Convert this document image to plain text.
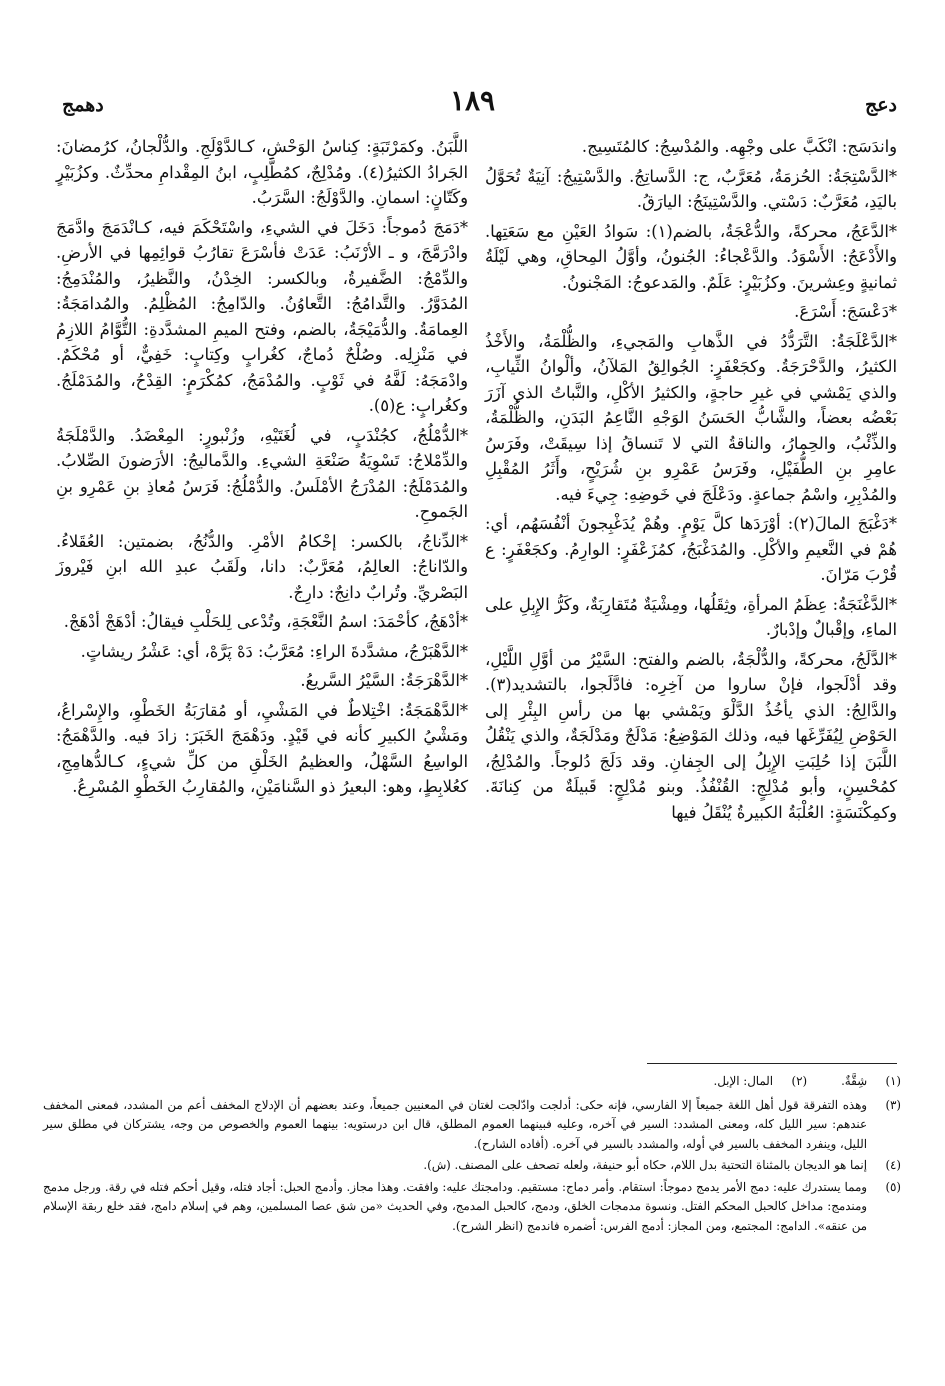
دعج
١٨٩
دهمج

واندَسَج: انْكَبَّ على وجْهِه. والمُدْسِجُ: كالمُتَسِيج.

*الدَّسْتِجَةُ: الحُزمَةُ، مُعَرَّبٌ، ج: الدَّساتِجُ. والدَّسْتِيجُ: آنِيَةٌ تُحَوَّلُ باليَدِ، مُعَرَّبٌ: دَسْتي. والدَّسْتِينَجُ: اليارَقُ.

*الدَّعَجُ، محركةً، والدُّعْجَةُ، بالضم(١): سَوادُ العَيْنِ مع سَعَتِها. والأَدْعَجُ: الأَسْوَدُ. والدَّعْجاءُ: الجُنونُ، وأوَّلُ المِحاقِ، وهي لَيْلَةُ ثمانيةٍ وعِشرينَ. وكزُبَيْرٍ: عَلَمٌ. والمَدعوجُ: المَجْنونُ.

*دَعْسَجَ: أَسْرَعَ.

*الدَّعْلَجَةُ: التَّرَدُّدُ في الذَّهابِ والمَجيءِ، والظُّلْمَةُ، والأَخْذُ الكثيرُ، والدَّحْرَجَةُ. وكجَعْفَرٍ: الجُوالِقُ المَلآنُ، وألْوانُ الثِّيابِ، والذي يَمْشي في غيرِ حاجةٍ، والكثيرُ الأكْلِ، والنَّباتُ الذي آزَرَ بَعْضُه بعضاً، والشَّابُّ الحَسَنُ الوَجْهِ النَّاعِمُ البَدَنِ، والظُّلْمَةُ، والذِّئْبُ، والحِمارُ، والناقةُ التي لا تَنساقُ إذا سِيقَتْ، وفَرَسُ عامِرِ بنِ الطُّفَيْلِ، وفَرَسُ عَمْرِو بنِ شُرَيْحٍ، وأَثَرُ المُقْبِلِ والمُدْبِرِ، واسْمُ جماعةٍ. ودَعْلَجَ في خَوضِهِ: جِيءَ فيه.

*دَغْبَجَ المالَ(٢): أوْرَدَها كلَّ يَوْمٍ. وهُمْ يُدَغْبِجونَ أنْفُسَهُم، أي: هُمْ في النَّعيمِ والأكْلِ. والمُدَغْبَجُ، كمُزَعْفَرٍ: الوارِمُ. وكجَعْفَرٍ: ع قُرْبَ مَرّانَ.

*الدَّغْنَجَةُ: عِظَمُ المرأةِ، وثِقَلُها، ومِشْيَةٌ مُتَقارِبَةٌ، وكَرُّ الإِبِلِ على الماءِ، وإقْبالٌ وإدْبارٌ.

*الدَّلَجُ، محركةً، والدُّلْجَةُ، بالضم والفتح: السَّيْرُ من أوَّلِ اللَّيْلِ، وقد أدْلَجوا، فإنْ ساروا من آخِرِه: فادَّلَجوا، بالتشديد(٣). والدَّالِجُ: الذي يأخُذُ الدَّلْوَ ويَمْشي بها من رأسِ البِئْرِ إلى الحَوْضِ لِيُفَرِّغَها فيه، وذلك المَوْضِعُ: مَدْلَجٌ ومَدْلَجَةٌ، والذي يَنْقُلُ اللَّبَنَ إذا حُلِبَتِ الإِبِلُ إلى الجِفانِ. وقد دَلَجَ دُلوجاً. والمُدْلِجُ، كمُحْسِنٍ، وأبو مُدْلِجٍ: القُنْفُذُ. وبنو مُدْلِجٍ: قَبيلَةٌ من كِنانَةَ. وكمِكْنَسَةٍ: العُلْبَةُ الكبيرةُ يُنْقَلُ فيها

اللَّبَنُ. وكمَرْتَبَةٍ: كِناسُ الوَحْشِ، كـالدَّوْلَجِ. والدُّلْجانُ، كرُمضانَ: الجَرادُ الكثيرُ(٤). ومُدْلِجٌ، كمُطَّلِبٍ، ابنُ المِقْدامِ محدِّثٌ. وكزُبَيْرٍ وكَتّانٍ: اسمانِ. والدَّوْلَجُ: السَّرَبُ.

*دَمَجَ دُموجاً: دَخَلَ في الشيءِ، واسْتَحْكَمَ فيه، كـانْدَمَجَ وادَّمَجَ وادْرَمَّجَ، و ـ الأرْنَبُ: عَدَتْ فأسْرَعَ تقارُبُ قوائِمِها في الأرضِ. والدِّمْجُ: الضَّفيرةُ، وبالكسر: الخِدْنُ، والنَّظيرُ، والمُنْدَمِجُ: المُدَوَّرُ. والتَّدامُجُ: التَّعاوُنُ. والدّامِجُ: المُظْلِمُ. والمُدامَجَةُ: العِمامَةُ. والدُّمَيْجَةُ، بالضم، وفتح الميمِ المشدَّدةِ: التُّوَّامُ اللازِمُ في مَنْزِلِه. وصُلْحٌ دُماجٌ، كغُرابٍ وكِتابٍ: خَفِيٌّ، أو مُحْكَمٌ. وادْمَجَهُ: لَفَّهُ في ثَوْبٍ. والمُدْمَجُ، كمُكْرَمٍ: القِدْحُ، والمُدَمْلَجُ. وكغُرابٍ: ع(٥).

*الدُّمْلُجُ، كجُنْدَبٍ، في لُغَتَيْهِ، وزُنْبورٍ: المِعْضَدُ. والدَّمْلَجَةُ والدِّمْلاجُ: تَسْوِيَةُ صَنْعَةِ الشيءِ. والدَّماليجُ: الأرَضونَ الصِّلابُ. والمُدَمْلَجُ: المُدْرَجُ الأمْلَسُ. والدُّمْلُجُ: فَرَسُ مُعاذِ بنِ عَمْرِو بنِ الجَموحِ.

*الدِّناجُ، بالكسر: إحْكامُ الأمْرِ. والدُّنُجُ، بضمتين: العُقَلاءُ. والدّاناجُ: العالِمُ، مُعَرَّبٌ: دانا، ولَقَبُ عبدِ الله ابنِ فَيْروزَ البَصْريِّ. وتُرابٌ دانِجٌ: دارِجٌ.

*أدْهَجُ، كأحْمَدَ: اسمُ النَّعْجَةِ، وتُدْعى لِلحَلْبِ فيقالُ: أدْهَجْ أدْهَجْ.

*الدَّهْبَرْجُ، مشدَّدةَ الراءِ: مُعَرَّبُ: دَهْ پَرَّهْ، أي: عَشْرُ ريشاتٍ.

*الدَّهْرَجَةُ: السَّيْرُ السَّريعُ.

*الدَّهْمَجَةُ: اخْتِلاطٌ في المَشْيِ، أو مُقارَبَةُ الخَطْوِ، والإِسْراعُ، ومَشْيُ الكبيرِ كأنه في قَيْدٍ. ودَهْمَجَ الخَبَرَ: زادَ فيه. والدَّهْمَجُ: الواسِعُ السَّهْلُ، والعظيمُ الخَلْقِ من كلِّ شيءٍ، كـالدُّهامِجِ، كعُلابِطٍ، وهو: البعيرُ ذو السَّنامَيْنِ، والمُقارِبُ الخَطْوِ المُسْرِعُ.

(١)
شِقَّةٌ.
(٢)
المال: الإبل.
(٣)
وهذه التفرقة قول أهل اللغة جميعاً إلا الفارسي، فإنه حكى: أدلجت وادّلجت لغتان في المعنيين جميعاً، وعند بعضهم أن الإدلاج المخفف أعم من المشدد، فمعنى المخفف عندهم: سير الليل كله، ومعنى المشدد: السير في آخره، وعليه فبينهما العموم المطلق، قال ابن درستويه: بينهما العموم والخصوص من وجه، يشتركان في مطلق سير الليل، وينفرد المخفف بالسير في أوله، والمشدد بالسير في آخره. (أفاده الشارح).
(٤)
إنما هو الديجان بالمثناة التحتية بدل اللام، حكاه أبو حنيفة، ولعله تصحف على المصنف. (ش).
(٥)
ومما يستدرك عليه: دمج الأمر يدمج دموجاً: استقام. وأمر دماج: مستقيم. ودامجتك عليه: وافقت. وهذا مجاز. وأدمج الحبل: أجاد فتله، وقيل أحكم فتله في رقة. ورجل مدمج ومندمج: مداخل كالحبل المحكم الفتل. ونسوة مدمجات الخلق، ودمج، كالحبل المدمج، وفي الحديث «من شق عصا المسلمين، وهم في إسلام دامج، فقد خلع ربقة الإسلام من عنقه». الدامج: المجتمع، ومن المجاز: أدمج الفرس: أضمره فاندمج (انظر الشرح).
